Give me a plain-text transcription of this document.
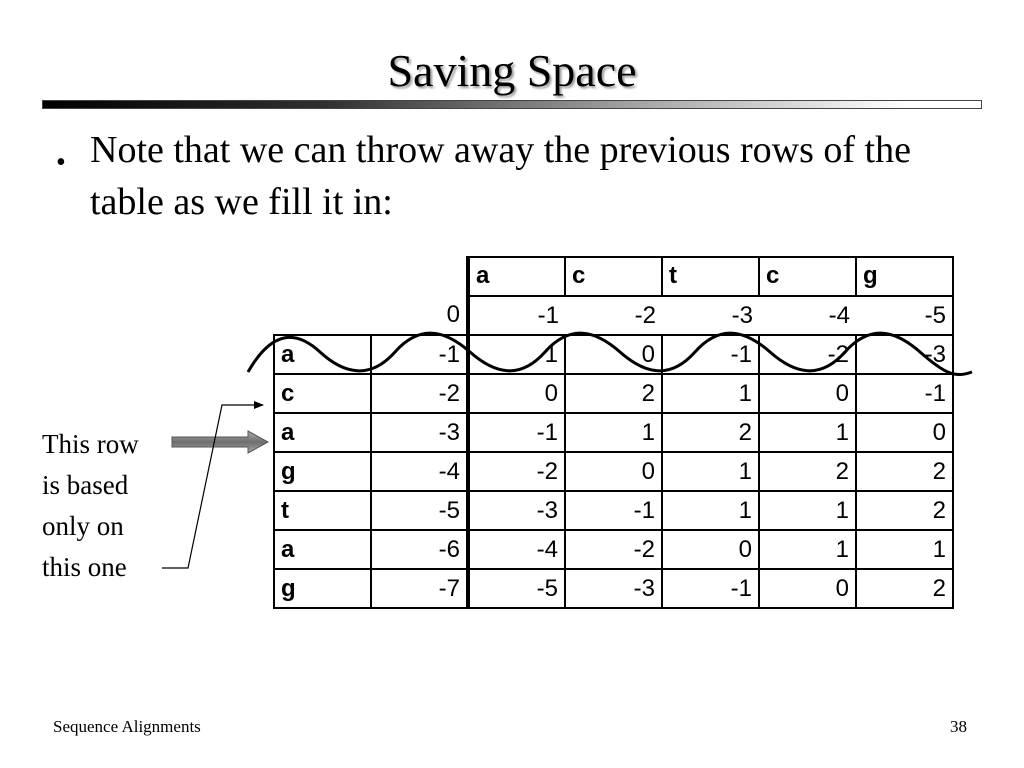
Saving Space
• Note that we can throw away the previous rows of the table as we fill it in:
		a	c	t	c	g
	0	-1	-2	-3	-4	-5
a	-1	1	0	-1	-2	-3
c	-2	0	2	1	0	-1
a	-3	-1	1	2	1	0
g	-4	-2	0	1	2	2
t	-5	-3	-1	1	1	2
a	-6	-4	-2	0	1	1
g	-7	-5	-3	-1	0	2
This row
is based
only on
this one
Sequence Alignments	38
